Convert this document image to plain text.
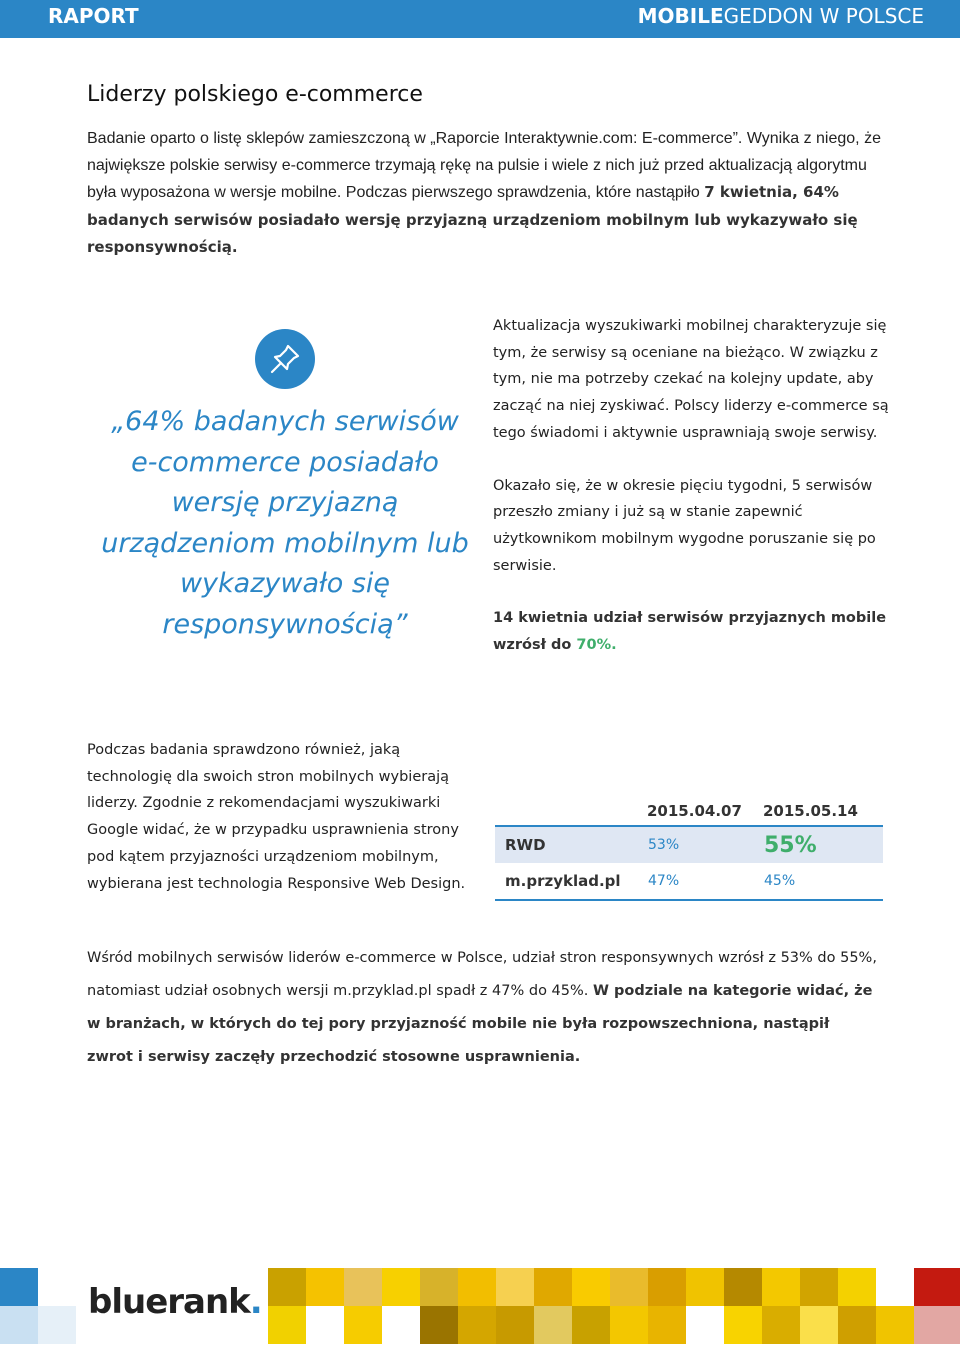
RAPORT	MOBILEGEDDON W POLSCE
Liderzy polskiego e-commerce
Badanie oparto o listę sklepów zamieszczoną w „Raporcie Interaktywnie.com: E-commerce”. Wynika z niego, że największe polskie serwisy e-commerce trzymają rękę na pulsie i wiele z nich już przed aktualizacją algorytmu była wyposażona w wersje mobilne. Podczas pierwszego sprawdzenia, które nastąpiło 7 kwietnia, 64% badanych serwisów posiadało wersję przyjazną urządzeniom mobilnym lub wykazywało się responsywnością.
„64% badanych serwisów e-commerce posiadało wersję przyjazną urządzeniom mobilnym lub wykazywało się responsywnością”

Aktualizacja wyszukiwarki mobilnej charakteryzuje się tym, że serwisy są oceniane na bieżąco. W związku z tym, nie ma potrzeby czekać na kolejny update, aby zacząć na niej zyskiwać. Polscy liderzy e-commerce są tego świadomi i aktywnie usprawniają swoje serwisy.

Okazało się, że w okresie pięciu tygodni, 5 serwisów przeszło zmiany i już są w stanie zapewnić użytkownikom mobilnym wygodne poruszanie się po serwisie.

14 kwietnia udział serwisów przyjaznych mobile wzrósł do 70%.

Podczas badania sprawdzono również, jaką technologię dla swoich stron mobilnych wybierają liderzy. Zgodnie z rekomendacjami wyszukiwarki Google widać, że w przypadku usprawnienia strony pod kątem przyjazności urządzeniom mobilnym, wybierana jest technologia Responsive Web Design.
	2015.04.07	2015.05.14
RWD	53%	55%
m.przyklad.pl	47%	45%
Wśród mobilnych serwisów liderów e-commerce w Polsce, udział stron responsywnych wzrósł z 53% do 55%, natomiast udział osobnych wersji m.przyklad.pl spadł z 47% do 45%. W podziale na kategorie widać, że w branżach, w których do tej pory przyjazność mobile nie była rozpowszechniona, nastąpił zwrot i serwisy zaczęły przechodzić stosowne usprawnienia.
bluerank.
